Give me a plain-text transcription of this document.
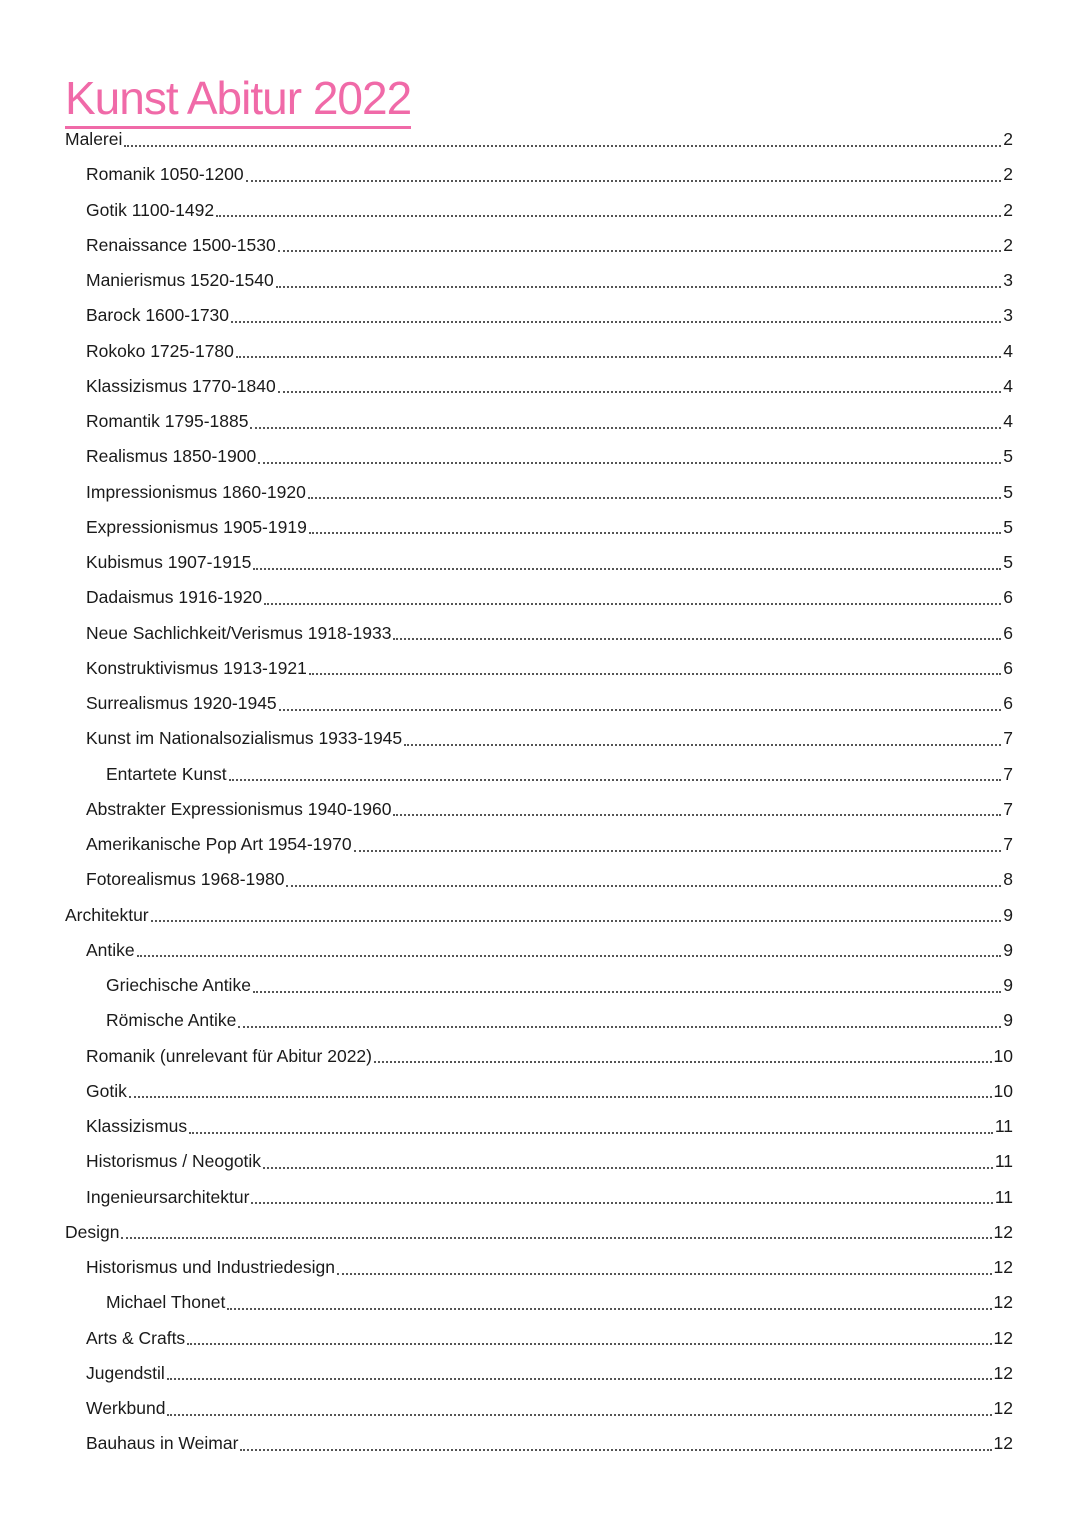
Kunst Abitur 2022
Malerei	2
Romanik 1050-1200	2
Gotik 1100-1492	2
Renaissance 1500-1530	2
Manierismus 1520-1540	3
Barock 1600-1730	3
Rokoko 1725-1780	4
Klassizismus 1770-1840	4
Romantik 1795-1885	4
Realismus 1850-1900	5
Impressionismus 1860-1920	5
Expressionismus 1905-1919	5
Kubismus 1907-1915	5
Dadaismus 1916-1920	6
Neue Sachlichkeit/Verismus 1918-1933	6
Konstruktivismus 1913-1921	6
Surrealismus 1920-1945	6
Kunst im Nationalsozialismus 1933-1945	7
Entartete Kunst	7
Abstrakter Expressionismus 1940-1960	7
Amerikanische Pop Art 1954-1970	7
Fotorealismus 1968-1980	8
Architektur	9
Antike	9
Griechische Antike	9
Römische Antike	9
Romanik (unrelevant für Abitur 2022)	10
Gotik	10
Klassizismus	11
Historismus / Neogotik	11
Ingenieursarchitektur	11
Design	12
Historismus und Industriedesign	12
Michael Thonet	12
Arts & Crafts	12
Jugendstil	12
Werkbund	12
Bauhaus in Weimar	12
